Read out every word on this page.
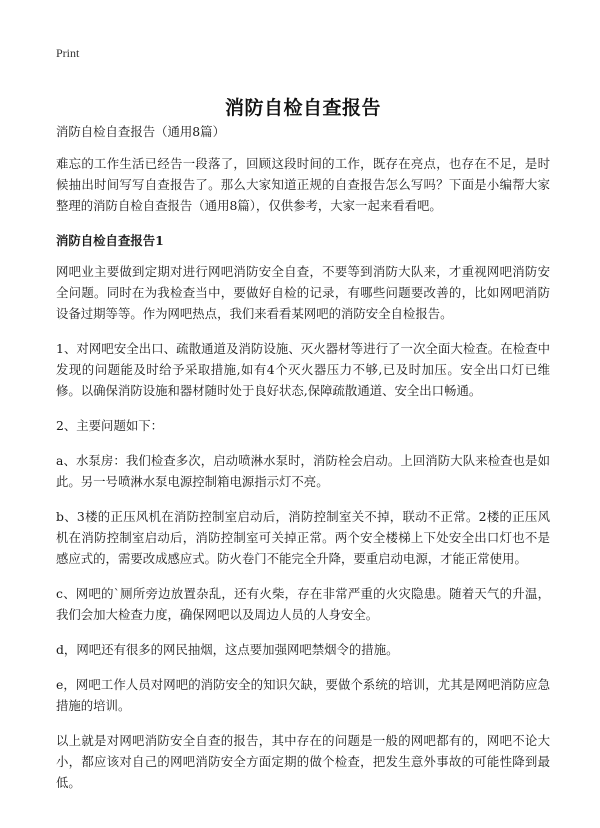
Print
消防自检自查报告

消防自检自查报告（通用8篇）

难忘的工作生活已经告一段落了，回顾这段时间的工作，既存在亮点，也存在不足，是时候抽出时间写写自查报告了。那么大家知道正规的自查报告怎么写吗？下面是小编帮大家整理的消防自检自查报告（通用8篇），仅供参考，大家一起来看看吧。

消防自检自查报告1

网吧业主要做到定期对进行网吧消防安全自查，不要等到消防大队来，才重视网吧消防安全问题。同时在为我检查当中，要做好自检的记录，有哪些问题要改善的，比如网吧消防设备过期等等。作为网吧热点，我们来看看某网吧的消防安全自检报告。

1、对网吧安全出口、疏散通道及消防设施、灭火器材等进行了一次全面大检查。在检查中发现的问题能及时给予采取措施,如有4个灭火器压力不够,已及时加压。安全出口灯已维修。以确保消防设施和器材随时处于良好状态,保障疏散通道、安全出口畅通。

2、主要问题如下：

a、水泵房：我们检查多次，启动喷淋水泵时，消防栓会启动。上回消防大队来检查也是如此。另一号喷淋水泵电源控制箱电源指示灯不亮。

b、3楼的正压风机在消防控制室启动后，消防控制室关不掉，联动不正常。2楼的正压风机在消防控制室启动后，消防控制室可关掉正常。两个安全楼梯上下处安全出口灯也不是感应式的，需要改成感应式。防火卷门不能完全升降，要重启动电源，才能正常使用。

c、网吧的`厕所旁边放置杂乱，还有火柴，存在非常严重的火灾隐患。随着天气的升温，我们会加大检查力度，确保网吧以及周边人员的人身安全。

d，网吧还有很多的网民抽烟，这点要加强网吧禁烟令的措施。

e，网吧工作人员对网吧的消防安全的知识欠缺，要做个系统的培训，尤其是网吧消防应急措施的培训。

以上就是对网吧消防安全自查的报告，其中存在的问题是一般的网吧都有的，网吧不论大小，都应该对自己的网吧消防安全方面定期的做个检查，把发生意外事故的可能性降到最低。
